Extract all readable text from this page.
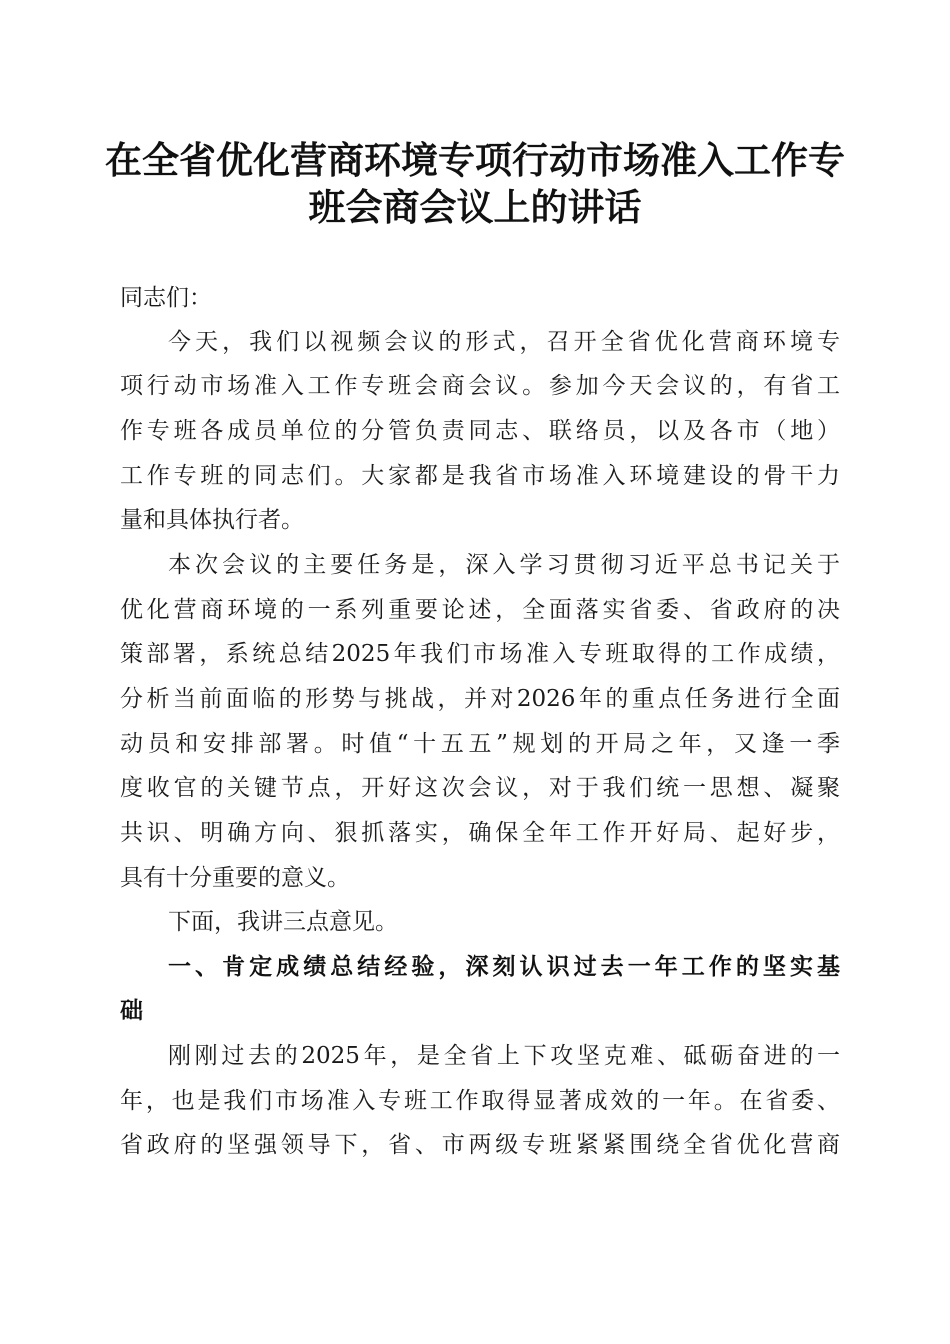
在全省优化营商环境专项行动市场准入工作专
班会商会议上的讲话

同志们：

今天，我们以视频会议的形式，召开全省优化营商环境专

项行动市场准入工作专班会商会议。参加今天会议的，有省工

作专班各成员单位的分管负责同志、联络员，以及各市（地）

工作专班的同志们。大家都是我省市场准入环境建设的骨干力

量和具体执行者。

本次会议的主要任务是，深入学习贯彻习近平总书记关于

优化营商环境的一系列重要论述，全面落实省委、省政府的决

策部署，系统总结2025年我们市场准入专班取得的工作成绩，

分析当前面临的形势与挑战，并对2026年的重点任务进行全面

动员和安排部署。时值“十五五”规划的开局之年，又逢一季

度收官的关键节点，开好这次会议，对于我们统一思想、凝聚

共识、明确方向、狠抓落实，确保全年工作开好局、起好步，

具有十分重要的意义。

下面，我讲三点意见。

一、肯定成绩总结经验，深刻认识过去一年工作的坚实基

础

刚刚过去的2025年，是全省上下攻坚克难、砥砺奋进的一

年，也是我们市场准入专班工作取得显著成效的一年。在省委、

省政府的坚强领导下，省、市两级专班紧紧围绕全省优化营商
